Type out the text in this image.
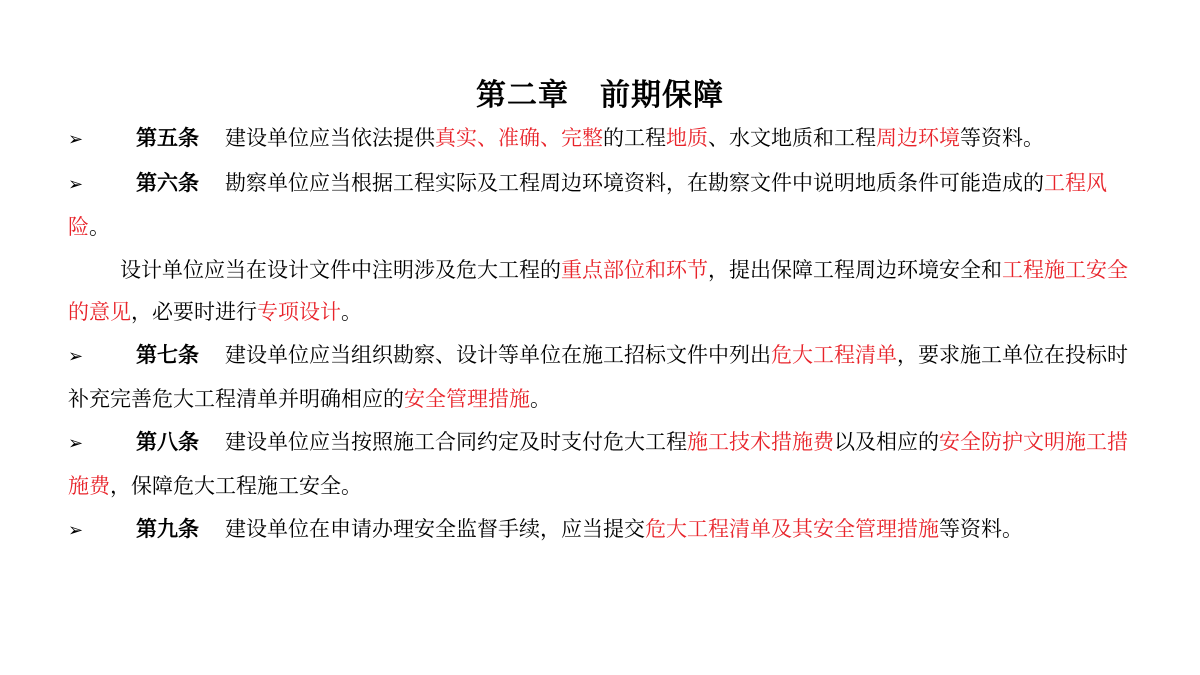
第二章　前期保障

➢	第五条 建设单位应当依法提供真实、准确、完整的工程地质、水文地质和工程周边环境等资料。

➢	第六条 勘察单位应当根据工程实际及工程周边环境资料，在勘察文件中说明地质条件可能造成的工程风险。

设计单位应当在设计文件中注明涉及危大工程的重点部位和环节，提出保障工程周边环境安全和工程施工安全的意见，必要时进行专项设计。

➢	第七条 建设单位应当组织勘察、设计等单位在施工招标文件中列出危大工程清单，要求施工单位在投标时补充完善危大工程清单并明确相应的安全管理措施。

➢	第八条 建设单位应当按照施工合同约定及时支付危大工程施工技术措施费以及相应的安全防护文明施工措施费，保障危大工程施工安全。

➢	第九条 建设单位在申请办理安全监督手续，应当提交危大工程清单及其安全管理措施等资料。
